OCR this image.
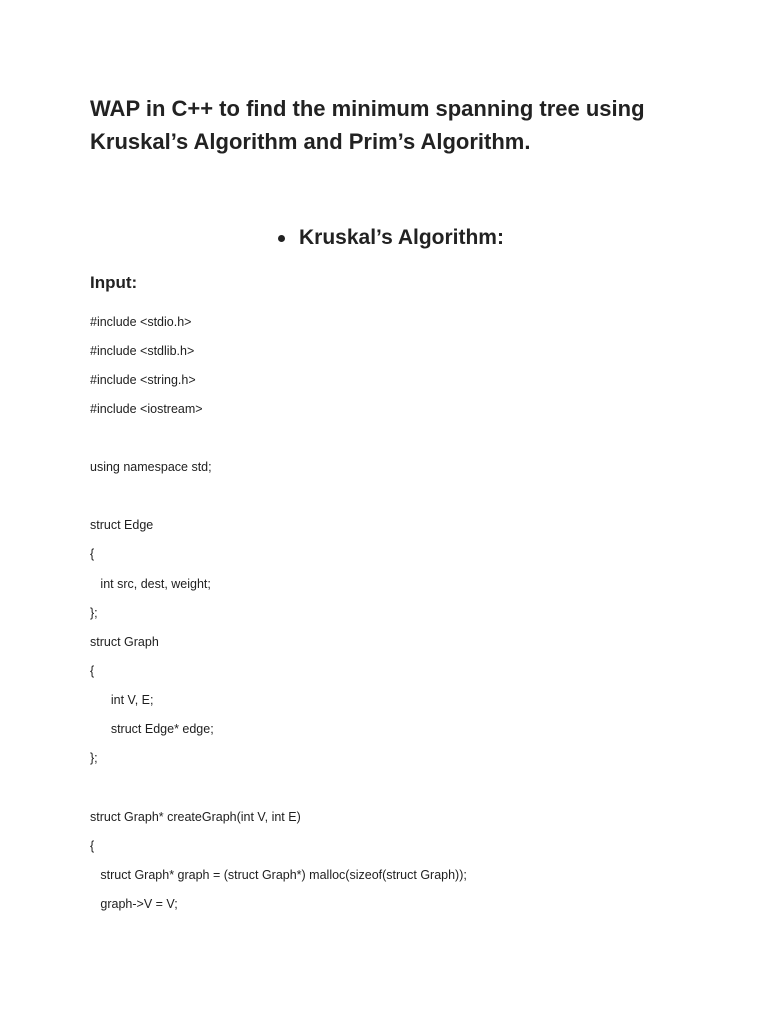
WAP in C++ to find the minimum spanning tree using
Kruskal’s Algorithm and Prim’s Algorithm.
Kruskal’s Algorithm:
Input:
#include <stdio.h>
#include <stdlib.h>
#include <string.h>
#include <iostream>
using namespace std;
struct Edge
{
int src, dest, weight;
};
struct Graph
{
int V, E;
struct Edge* edge;
};
struct Graph* createGraph(int V, int E)
{
struct Graph* graph = (struct Graph*) malloc(sizeof(struct Graph));
graph->V = V;
